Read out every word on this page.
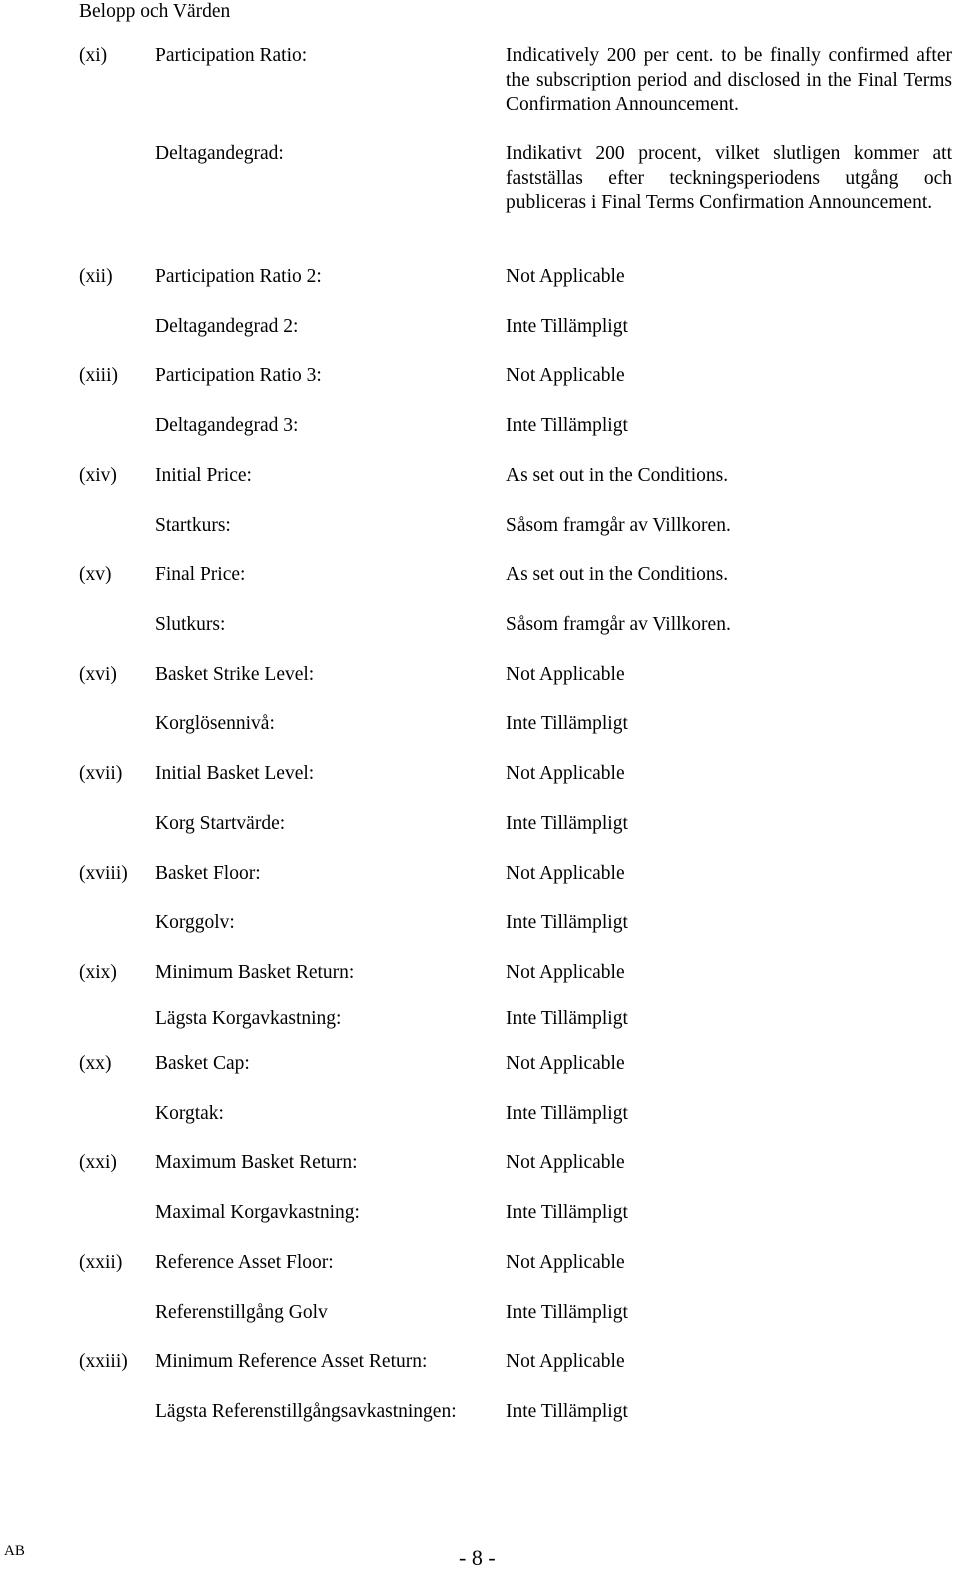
Belopp och Värden
(xi) Participation Ratio:	Indicatively 200 per cent. to be finally confirmed after the subscription period and disclosed in the Final Terms Confirmation Announcement.
Deltagandegrad:	Indikativt 200 procent, vilket slutligen kommer att fastställas efter teckningsperiodens utgång och publiceras i Final Terms Confirmation Announcement.
(xii) Participation Ratio 2:	Not Applicable
Deltagandegrad 2:	Inte Tillämpligt
(xiii) Participation Ratio 3:	Not Applicable
Deltagandegrad 3:	Inte Tillämpligt
(xiv) Initial Price:	As set out in the Conditions.
Startkurs:	Såsom framgår av Villkoren.
(xv) Final Price:	As set out in the Conditions.
Slutkurs:	Såsom framgår av Villkoren.
(xvi) Basket Strike Level:	Not Applicable
Korglösennivå:	Inte Tillämpligt
(xvii) Initial Basket Level:	Not Applicable
Korg Startvärde:	Inte Tillämpligt
(xviii) Basket Floor:	Not Applicable
Korggolv:	Inte Tillämpligt
(xix) Minimum Basket Return:	Not Applicable
Lägsta Korgavkastning:	Inte Tillämpligt
(xx) Basket Cap:	Not Applicable
Korgtak:	Inte Tillämpligt
(xxi) Maximum Basket Return:	Not Applicable
Maximal Korgavkastning:	Inte Tillämpligt
(xxii) Reference Asset Floor:	Not Applicable
Referenstillgång Golv	Inte Tillämpligt
(xxiii) Minimum Reference Asset Return:	Not Applicable
Lägsta Referenstillgångsavkastningen:	Inte Tillämpligt
AB	- 8 -
